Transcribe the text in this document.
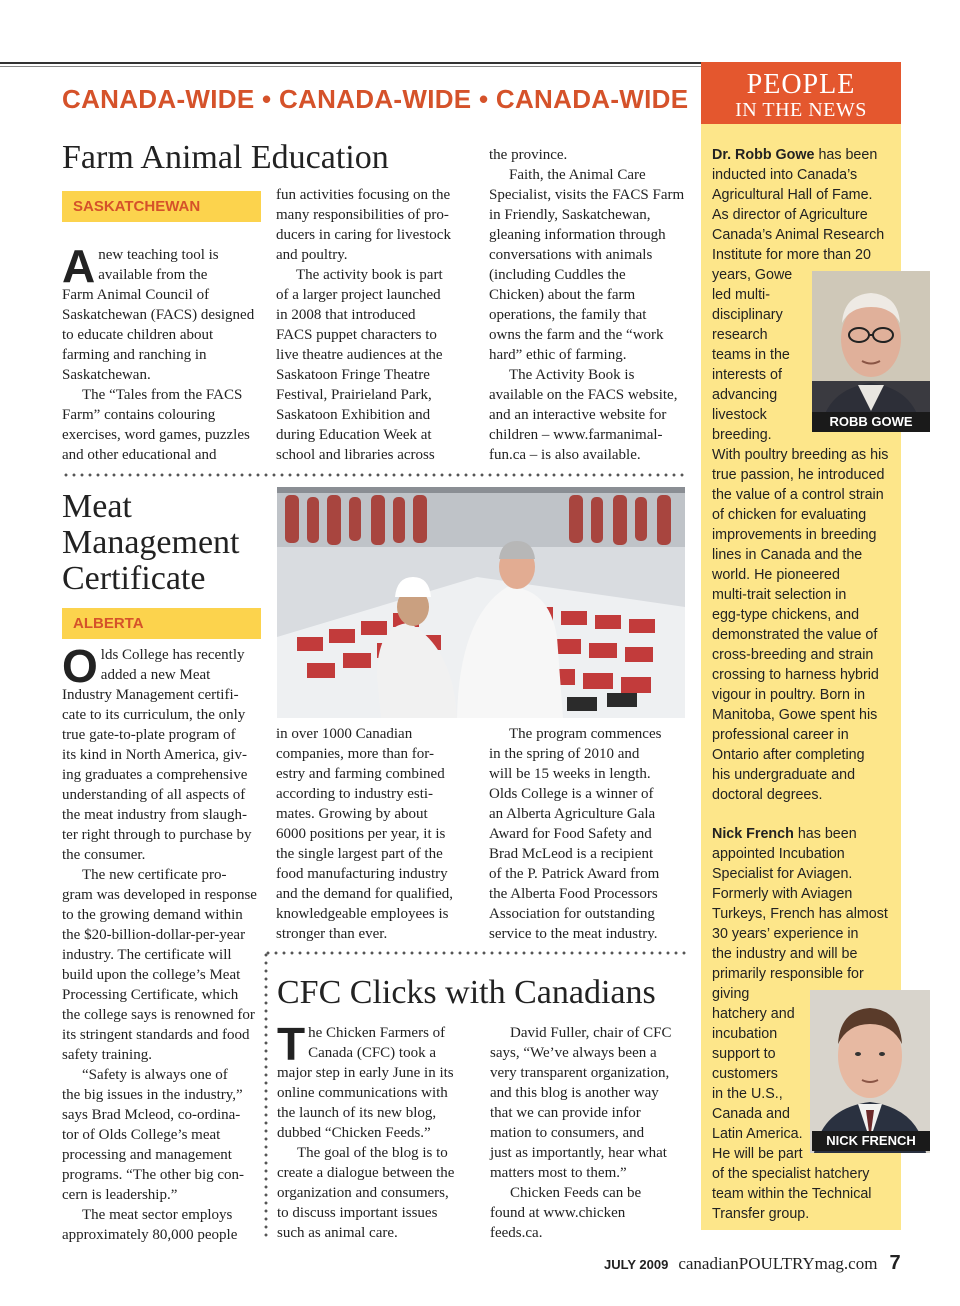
CANADA-WIDE • CANADA-WIDE • CANADA-WIDE	PEOPLE
IN THE NEWS
Dr. Robb Gowe has been
inducted into Canada’s
Agricultural Hall of Fame.
As director of Agriculture
Canada’s Animal Research
Institute for more than 20
years, Gowe
led multi-
disciplinary
research
teams in the
interests of
advancing
livestock
breeding.
With poultry breeding as his
true passion, he introduced
the value of a control strain
of chicken for evaluating
improvements in breeding
lines in Canada and the
world. He pioneered
multi-trait selection in
egg-type chickens, and
demonstrated the value of
cross-breeding and strain
crossing to harness hybrid
vigour in poultry. Born in
Manitoba, Gowe spent his
professional career in
Ontario after completing
his undergraduate and
doctoral degrees.
ROBB GOWE
Nick French has been
appointed Incubation
Specialist for Aviagen.
Formerly with Aviagen
Turkeys, French has almost
30 years’ experience in
the industry and will be
primarily responsible for
giving
hatchery and
incubation
support to
customers
in the U.S.,
Canada and
Latin America.
He will be part
of the specialist hatchery
team within the Technical
Transfer group.
NICK FRENCH
Farm Animal Education
SASKATCHEWAN
A new teaching tool is
available from the
Farm Animal Council of
Saskatchewan (FACS) designed
to educate children about
farming and ranching in
Saskatchewan.
The “Tales from the FACS
Farm” contains colouring
exercises, word games, puzzles
and other educational and
fun activities focusing on the
many responsibilities of pro-
ducers in caring for livestock
and poultry.
The activity book is part
of a larger project launched
in 2008 that introduced
FACS puppet characters to
live theatre audiences at the
Saskatoon Fringe Theatre
Festival, Prairieland Park,
Saskatoon Exhibition and
during Education Week at
school and libraries across
the province.
Faith, the Animal Care
Specialist, visits the FACS Farm
in Friendly, Saskatchewan,
gleaning information through
conversations with animals
(including Cuddles the
Chicken) about the farm
operations, the family that
owns the farm and the “work
hard” ethic of farming.
The Activity Book is
available on the FACS website,
and an interactive website for
children – www.farmanimal-
fun.ca – is also available.
Meat
Management
Certificate
ALBERTA
O lds College has recently
added a new Meat
Industry Management certifi-
cate to its curriculum, the only
true gate-to-plate program of
its kind in North America, giv-
ing graduates a comprehensive
understanding of all aspects of
the meat industry from slaugh-
ter right through to purchase by
the consumer.
The new certificate pro-
gram was developed in response
to the growing demand within
the $20-billion-dollar-per-year
industry. The certificate will
build upon the college’s Meat
Processing Certificate, which
the college says is renowned for
its stringent standards and food
safety training.
“Safety is always one of
the big issues in the industry,”
says Brad Mcleod, co-ordina-
tor of Olds College’s meat
processing and management
programs. “The other big con-
cern is leadership.”
The meat sector employs
approximately 80,000 people
in over 1000 Canadian
companies, more than for-
estry and farming combined
according to industry esti-
mates. Growing by about
6000 positions per year, it is
the single largest part of the
food manufacturing industry
and the demand for qualified,
knowledgeable employees is
stronger than ever.
The program commences
in the spring of 2010 and
will be 15 weeks in length.
Olds College is a winner of
an Alberta Agriculture Gala
Award for Food Safety and
Brad McLeod is a recipient
of the P. Patrick Award from
the Alberta Food Processors
Association for outstanding
service to the meat industry.
CFC Clicks with Canadians
T he Chicken Farmers of
Canada (CFC) took a
major step in early June in its
online communications with
the launch of its new blog,
dubbed “Chicken Feeds.”
The goal of the blog is to
create a dialogue between the
organization and consumers,
to discuss important issues
such as animal care.
David Fuller, chair of CFC
says, “We’ve always been a
very transparent organization,
and this blog is another way
that we can provide infor
mation to consumers, and
just as importantly, hear what
matters most to them.”
Chicken Feeds can be
found at www.chicken
feeds.ca.
JULY 2009 canadianPOULTRYmag.com 7
